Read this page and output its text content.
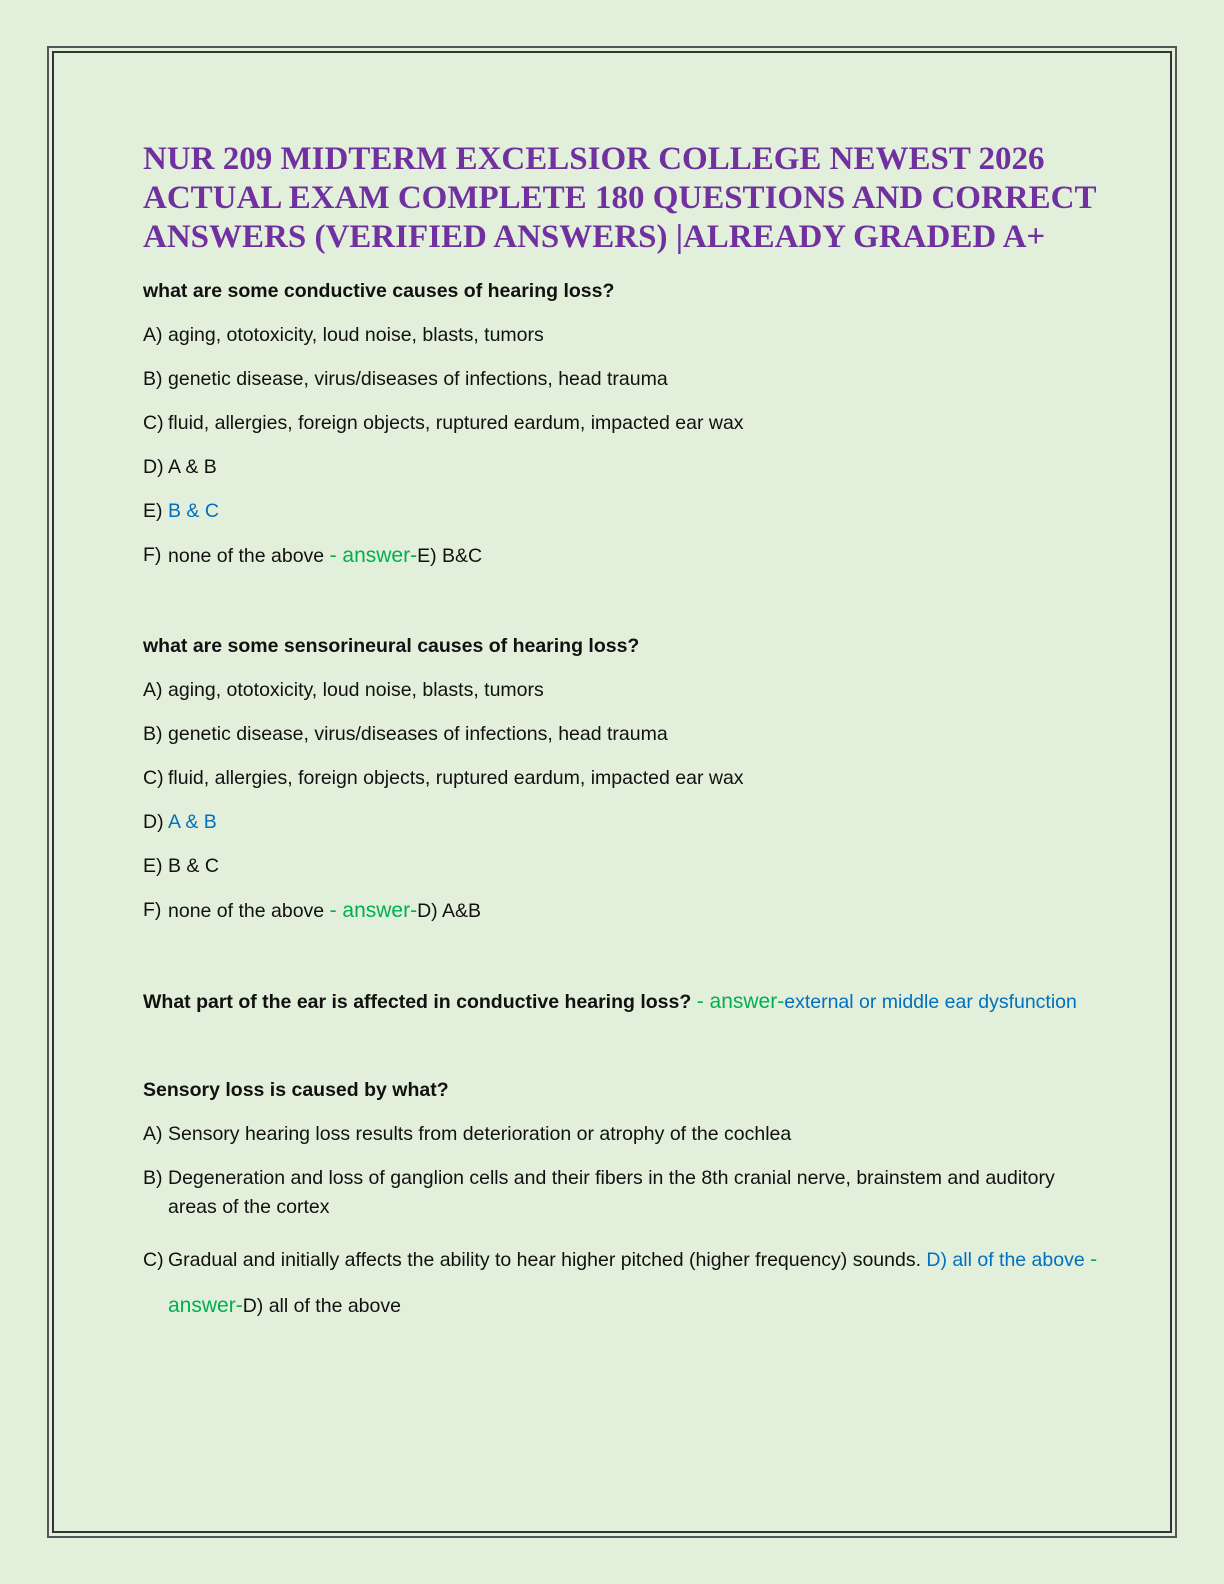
NUR 209 MIDTERM EXCELSIOR COLLEGE NEWEST 2026
ACTUAL EXAM COMPLETE 180 QUESTIONS AND CORRECT
ANSWERS (VERIFIED ANSWERS) |ALREADY GRADED A+
what are some conductive causes of hearing loss?
A) aging, ototoxicity, loud noise, blasts, tumors
B) genetic disease, virus/diseases of infections, head trauma
C) fluid, allergies, foreign objects, ruptured eardum, impacted ear wax
D) A & B
E) B & C
F) none of the above - answer-E) B&C
what are some sensorineural causes of hearing loss?
A) aging, ototoxicity, loud noise, blasts, tumors
B) genetic disease, virus/diseases of infections, head trauma
C) fluid, allergies, foreign objects, ruptured eardum, impacted ear wax
D) A & B
E) B & C
F) none of the above - answer-D) A&B
What part of the ear is affected in conductive hearing loss? - answer-external or middle ear dysfunction
Sensory loss is caused by what?
A) Sensory hearing loss results from deterioration or atrophy of the cochlea
B) Degeneration and loss of ganglion cells and their fibers in the 8th cranial nerve, brainstem and auditory areas of the cortex
C) Gradual and initially affects the ability to hear higher pitched (higher frequency) sounds. D) all of the above - answer-D) all of the above
